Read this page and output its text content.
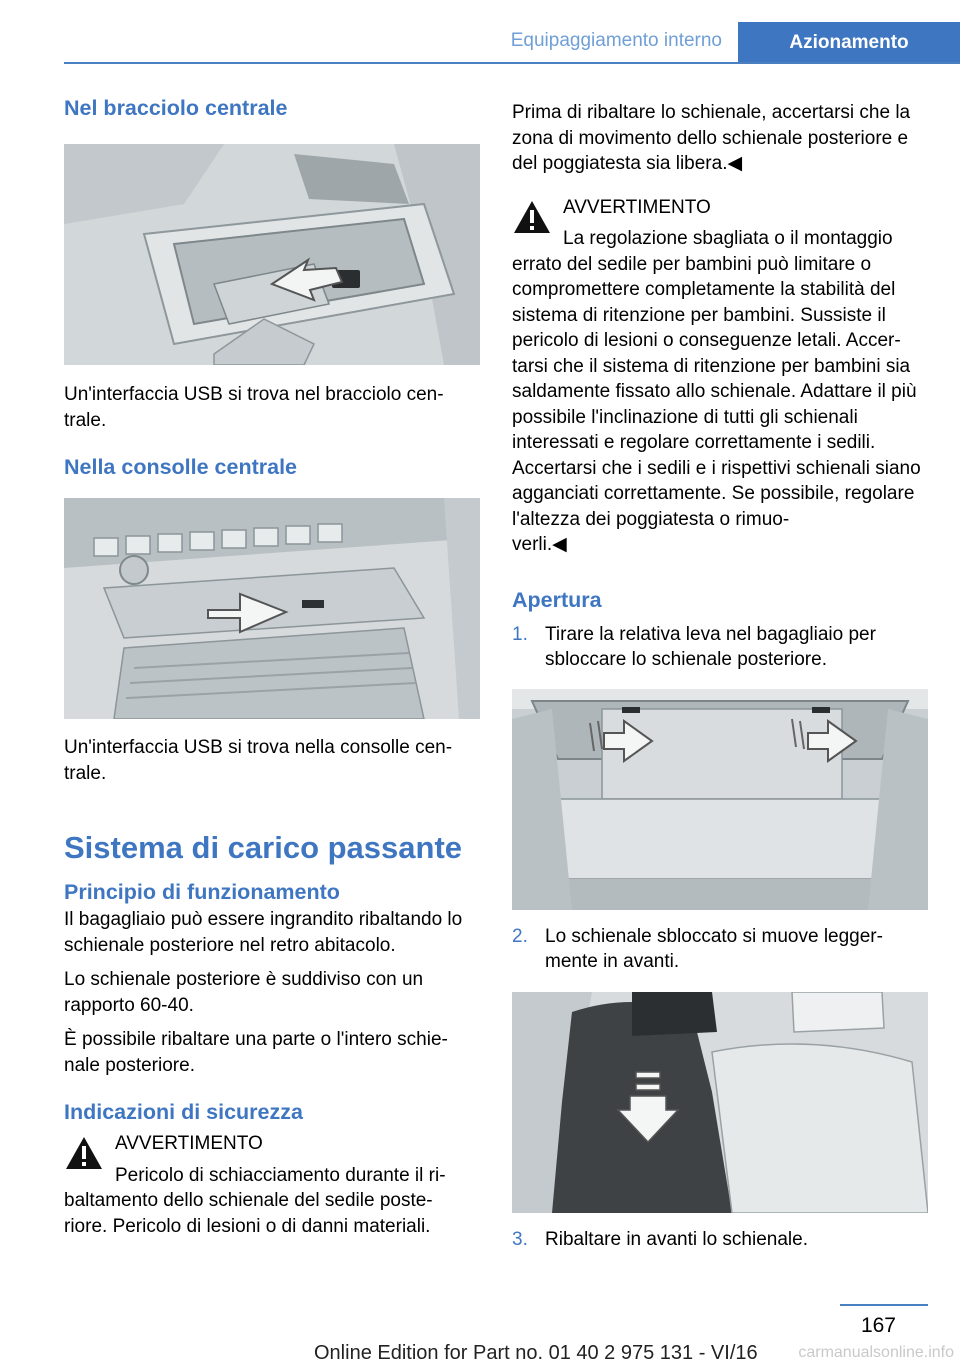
Equipaggiamento interno	Azionamento
Nel bracciolo centrale

Un'interfaccia USB si trova nel bracciolo cen-
trale.

Nella consolle centrale

Un'interfaccia USB si trova nella consolle cen-
trale.

Sistema di carico passante
Principio di funzionamento

Il bagagliaio può essere ingrandito ribaltando lo schienale posteriore nel retro abitacolo.

Lo schienale posteriore è suddiviso con un rapporto 60-40.

È possibile ribaltare una parte o l'intero schie-
nale posteriore.

Indicazioni di sicurezza
AVVERTIMENTO
Pericolo di schiacciamento durante il ri-
baltamento dello schienale del sedile poste-
riore. Pericolo di lesioni o di danni materiali.

Prima di ribaltare lo schienale, accertarsi che la zona di movimento dello schienale posteriore e del poggiatesta sia libera.◀

AVVERTIMENTO
La regolazione sbagliata o il montaggio
errato del sedile per bambini può limitare o compromettere completamente la stabilità del sistema di ritenzione per bambini. Sussiste il pericolo di lesioni o conseguenze letali. Accer-
tarsi che il sistema di ritenzione per bambini sia saldamente fissato allo schienale. Adattare il più possibile l'inclinazione di tutti gli schienali interessati e regolare correttamente i sedili. Accertarsi che i sedili e i rispettivi schienali siano agganciati correttamente. Se possibile, regolare l'altezza dei poggiatesta o rimuo-
verli.◀
Apertura
1. Tirare la relativa leva nel bagagliaio per sbloccare lo schienale posteriore.
2. Lo schienale sbloccato si muove legger-
mente in avanti.
3. Ribaltare in avanti lo schienale.
167
Online Edition for Part no. 01 40 2 975 131 - VI/16	carmanualsonline.info
